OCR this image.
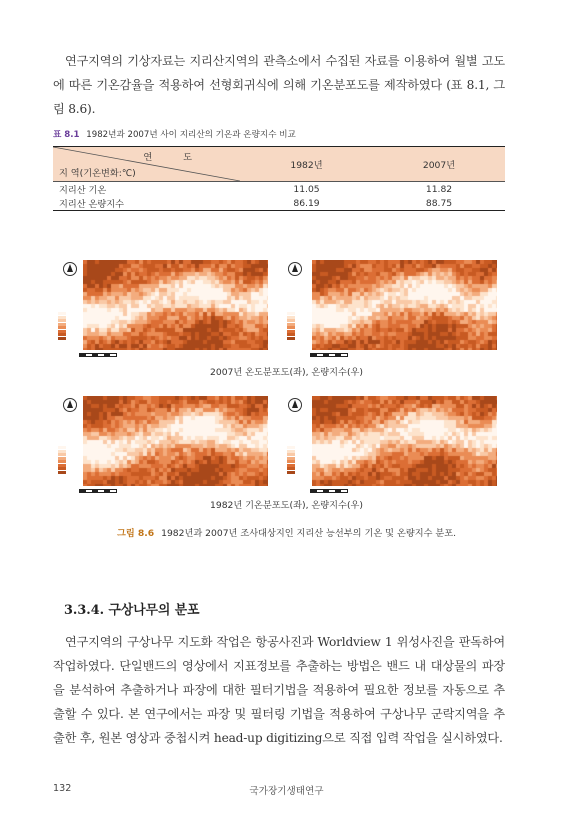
연구지역의 기상자료는 지리산지역의 관측소에서 수집된 자료를 이용하여 월별 고도에 따른 기온감율을 적용하여 선형회귀식에 의해 기온분포도를 제작하였다 (표 8.1, 그림 8.6).

표 8.1 1982년과 2007년 사이 지리산의 기온과 온량지수 비교
연 도
지 역(기온변화:℃)	1982년	2007년
지리산 기온	11.05	11.82
지리산 온량지수	86.19	88.75
2007년 온도분포도(좌), 온량지수(우)
1982년 기온분포도(좌), 온량지수(우)
그림 8.6 1982년과 2007년 조사대상지인 지리산 능선부의 기온 및 온량지수 분포.
3.3.4. 구상나무의 분포

연구지역의 구상나무 지도화 작업은 항공사진과 Worldview 1 위성사진을 판독하여 작업하였다. 단일밴드의 영상에서 지표정보를 추출하는 방법은 밴드 내 대상물의 파장을 분석하여 추출하거나 파장에 대한 필터기법을 적용하여 필요한 정보를 자동으로 추출할 수 있다. 본 연구에서는 파장 및 필터링 기법을 적용하여 구상나무 군락지역을 추출한 후, 원본 영상과 중첩시켜 head-up digitizing으로 직접 입력 작업을 실시하였다.

132	국가장기생태연구
